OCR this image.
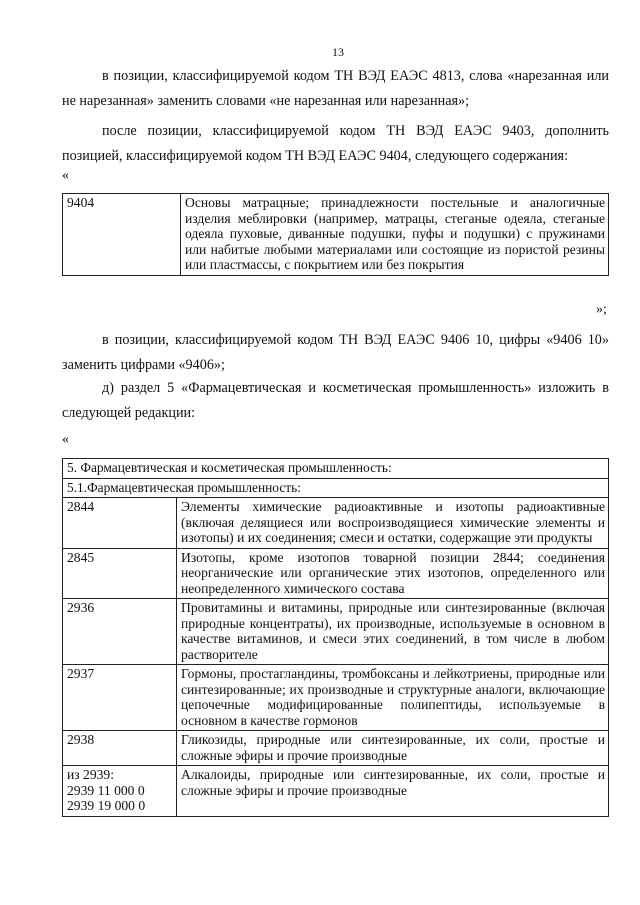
13
в позиции, классифицируемой кодом ТН ВЭД ЕАЭС 4813, слова «нарезанная или не нарезанная» заменить словами «не нарезанная или нарезанная»;
после позиции, классифицируемой кодом ТН ВЭД ЕАЭС 9403, дополнить позицией, классифицируемой кодом ТН ВЭД ЕАЭС 9404, следующего содержания:
«
9404	Основы матрацные; принадлежности постельные и аналогичные изделия меблировки (например, матрацы, стеганые одеяла, стеганые одеяла пуховые, диванные подушки, пуфы и подушки) с пружинами или набитые любыми материалами или состоящие из пористой резины или пластмассы, с покрытием или без покрытия
»;
в позиции, классифицируемой кодом ТН ВЭД ЕАЭС 9406 10, цифры «9406 10» заменить цифрами «9406»;
д) раздел 5 «Фармацевтическая и косметическая промышленность» изложить в следующей редакции:
«
5. Фармацевтическая и косметическая промышленность:	
5.1.Фармацевтическая промышленность:	
2844	Элементы химические радиоактивные и изотопы радиоактивные (включая делящиеся или воспроизводящиеся химические элементы и изотопы) и их соединения; смеси и остатки, содержащие эти продукты
2845	Изотопы, кроме изотопов товарной позиции 2844; соединения неорганические или органические этих изотопов, определенного или неопределенного химического состава
2936	Провитамины и витамины, природные или синтезированные (включая природные концентраты), их производные, используемые в основном в качестве витаминов, и смеси этих соединений, в том числе в любом растворителе
2937	Гормоны, простагландины, тромбоксаны и лейкотриены, природные или синтезированные; их производные и структурные аналоги, включающие цепочечные модифицированные полипептиды, используемые в основном в качестве гормонов
2938	Гликозиды, природные или синтезированные, их соли, простые и сложные эфиры и прочие производные

из 2939:
2939 11 000 0
2939 19 000 0	Алкалоиды, природные или синтезированные, их соли, простые и сложные эфиры и прочие производные
